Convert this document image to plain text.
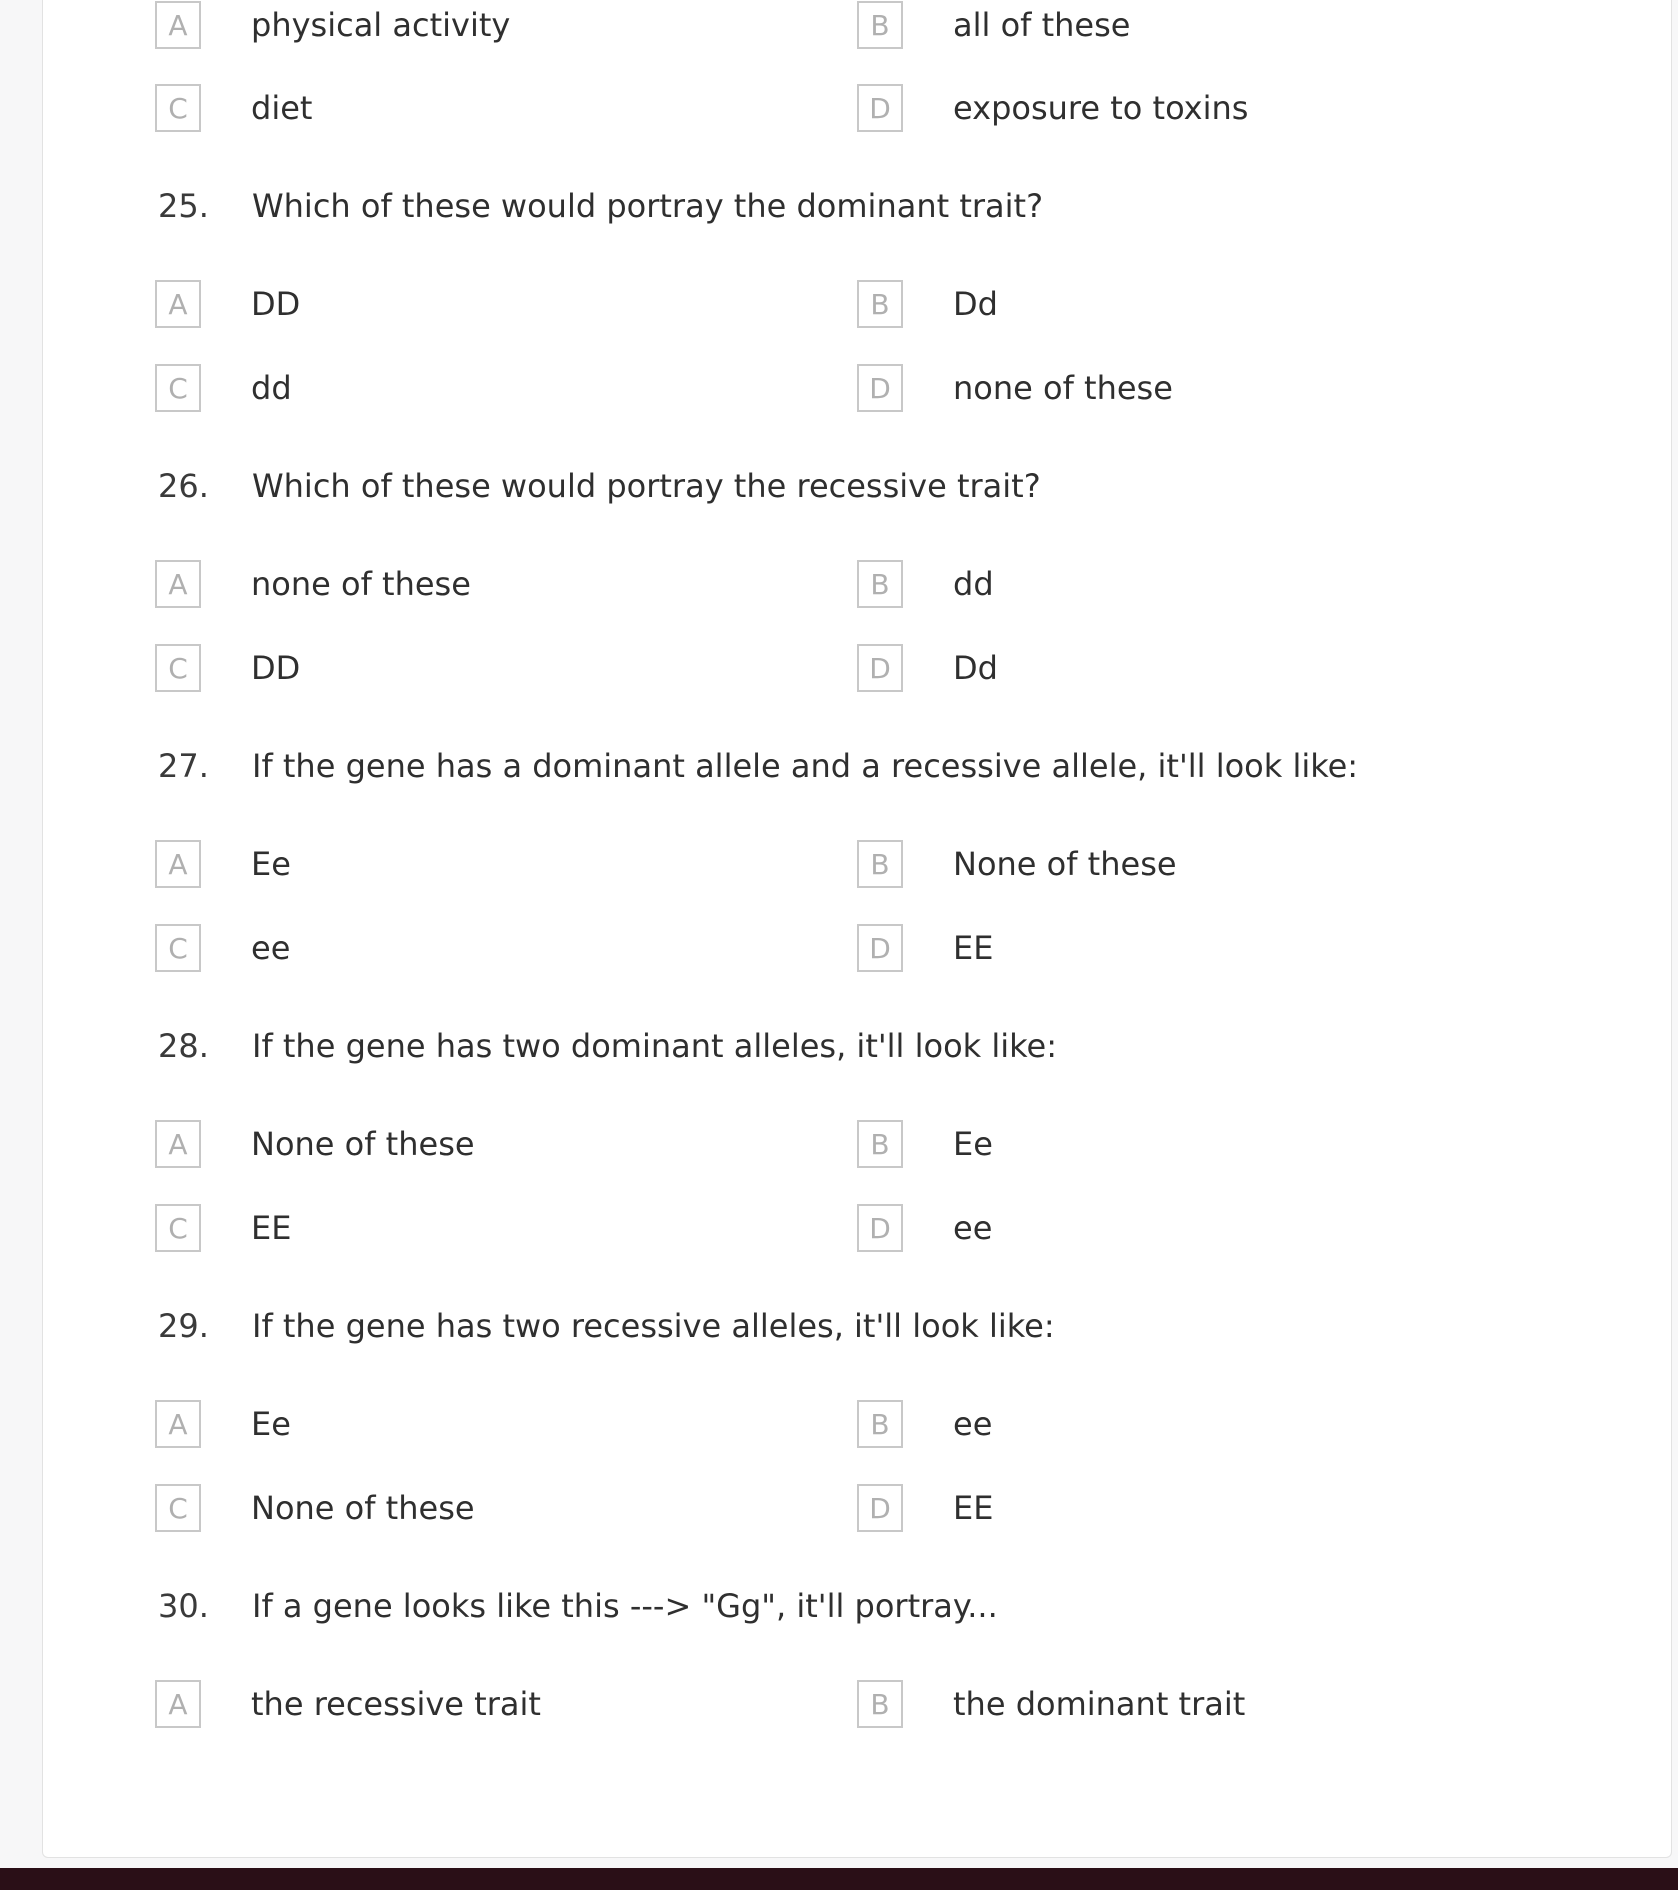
A	physical activity	B	all of these
C	diet	D	exposure to toxins
25.	Which of these would portray the dominant trait?
A	DD	B	Dd
C	dd	D	none of these
26.	Which of these would portray the recessive trait?
A	none of these	B	dd
C	DD	D	Dd
27.	If the gene has a dominant allele and a recessive allele, it'll look like:
A	Ee	B	None of these
C	ee	D	EE
28.	If the gene has two dominant alleles, it'll look like:
A	None of these	B	Ee
C	EE	D	ee
29.	If the gene has two recessive alleles, it'll look like:
A	Ee	B	ee
C	None of these	D	EE
30.	If a gene looks like this ---> "Gg", it'll portray...
A	the recessive trait	B	the dominant trait
